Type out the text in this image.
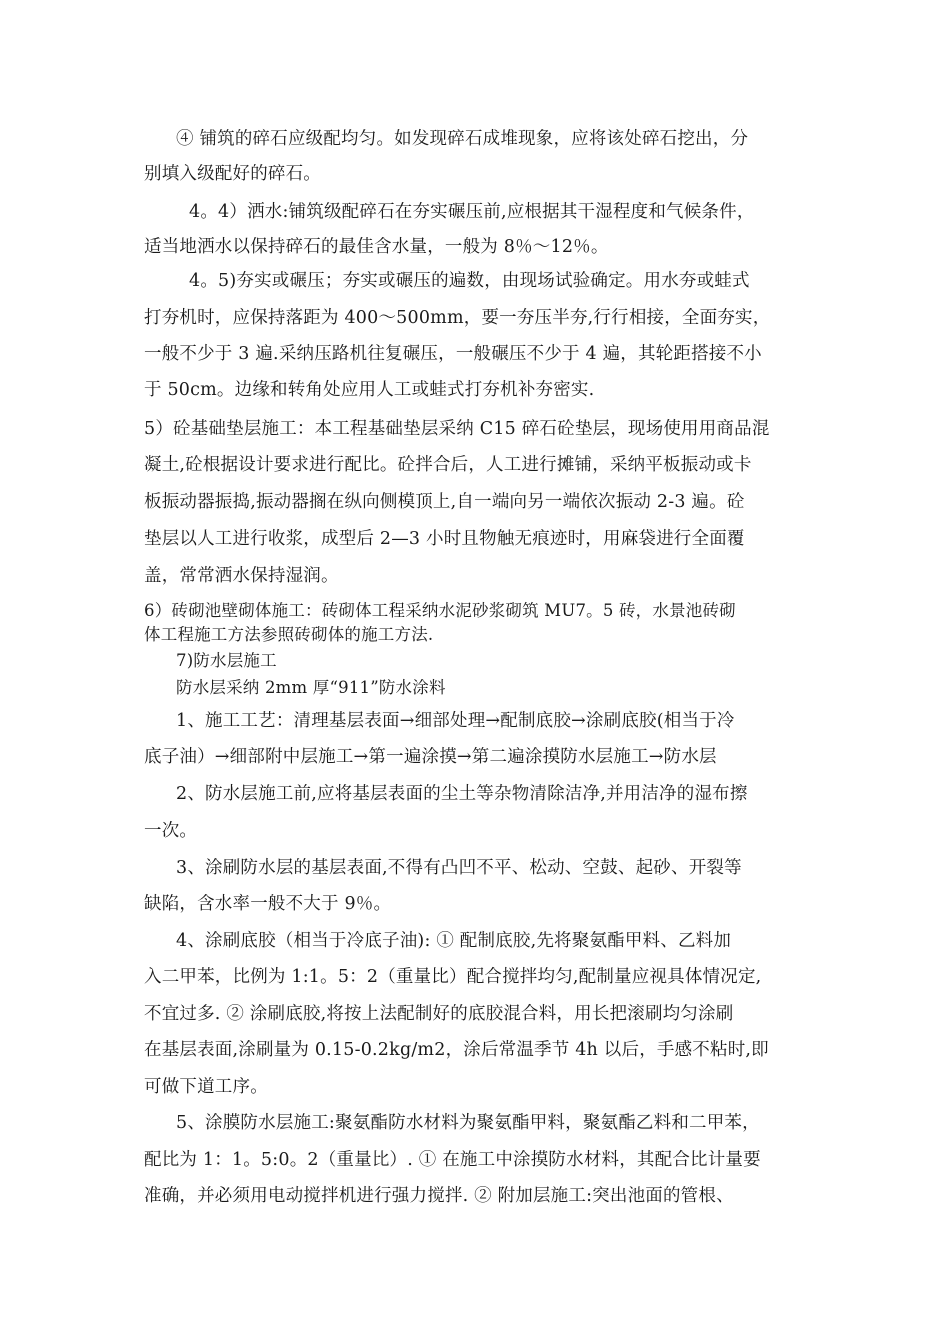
④ 铺筑的碎石应级配均匀。如发现碎石成堆现象，应将该处碎石挖出，分
别填入级配好的碎石。
4。4）洒水:铺筑级配碎石在夯实碾压前,应根据其干湿程度和气候条件，
适当地洒水以保持碎石的最佳含水量，一般为 8％～12％。
4。5)夯实或碾压；夯实或碾压的遍数，由现场试验确定。用水夯或蛙式
打夯机时，应保持落距为 400～500mm，要一夯压半夯,行行相接，全面夯实，
一般不少于 3 遍.采纳压路机往复碾压，一般碾压不少于 4 遍，其轮距搭接不小
于 50cm。边缘和转角处应用人工或蛙式打夯机补夯密实.
5）砼基础垫层施工：本工程基础垫层采纳 C15 碎石砼垫层，现场使用用商品混
凝土,砼根据设计要求进行配比。砼拌合后，人工进行摊铺，采纳平板振动或卡
板振动器振捣,振动器搁在纵向侧模顶上,自一端向另一端依次振动 2-3 遍。砼
垫层以人工进行收浆，成型后 2—3 小时且物触无痕迹时，用麻袋进行全面覆
盖，常常洒水保持湿润。
6）砖砌池壁砌体施工：砖砌体工程采纳水泥砂浆砌筑 MU7。5 砖，水景池砖砌
体工程施工方法参照砖砌体的施工方法.
7)防水层施工
防水层采纳 2mm 厚“911”防水涂料
1、施工工艺：清理基层表面→细部处理→配制底胶→涂刷底胶(相当于冷
底子油）→细部附中层施工→第一遍涂摸→第二遍涂摸防水层施工→防水层
2、防水层施工前,应将基层表面的尘土等杂物清除洁净,并用洁净的湿布擦
一次。
3、涂刷防水层的基层表面,不得有凸凹不平、松动、空鼓、起砂、开裂等
缺陷，含水率一般不大于 9％。
4、涂刷底胶（相当于冷底子油): ① 配制底胶,先将聚氨酯甲料、乙料加
入二甲苯，比例为 1:1。5：2（重量比）配合搅拌均匀,配制量应视具体情况定,
不宜过多. ② 涂刷底胶,将按上法配制好的底胶混合料，用长把滚刷均匀涂刷
在基层表面,涂刷量为 0.15-0.2kg/m2，涂后常温季节 4h 以后，手感不粘时,即
可做下道工序。
5、涂膜防水层施工:聚氨酯防水材料为聚氨酯甲料，聚氨酯乙料和二甲苯，
配比为 1：1。5:0。2（重量比）. ① 在施工中涂摸防水材料，其配合比计量要
准确，并必须用电动搅拌机进行强力搅拌. ② 附加层施工:突出池面的管根、
